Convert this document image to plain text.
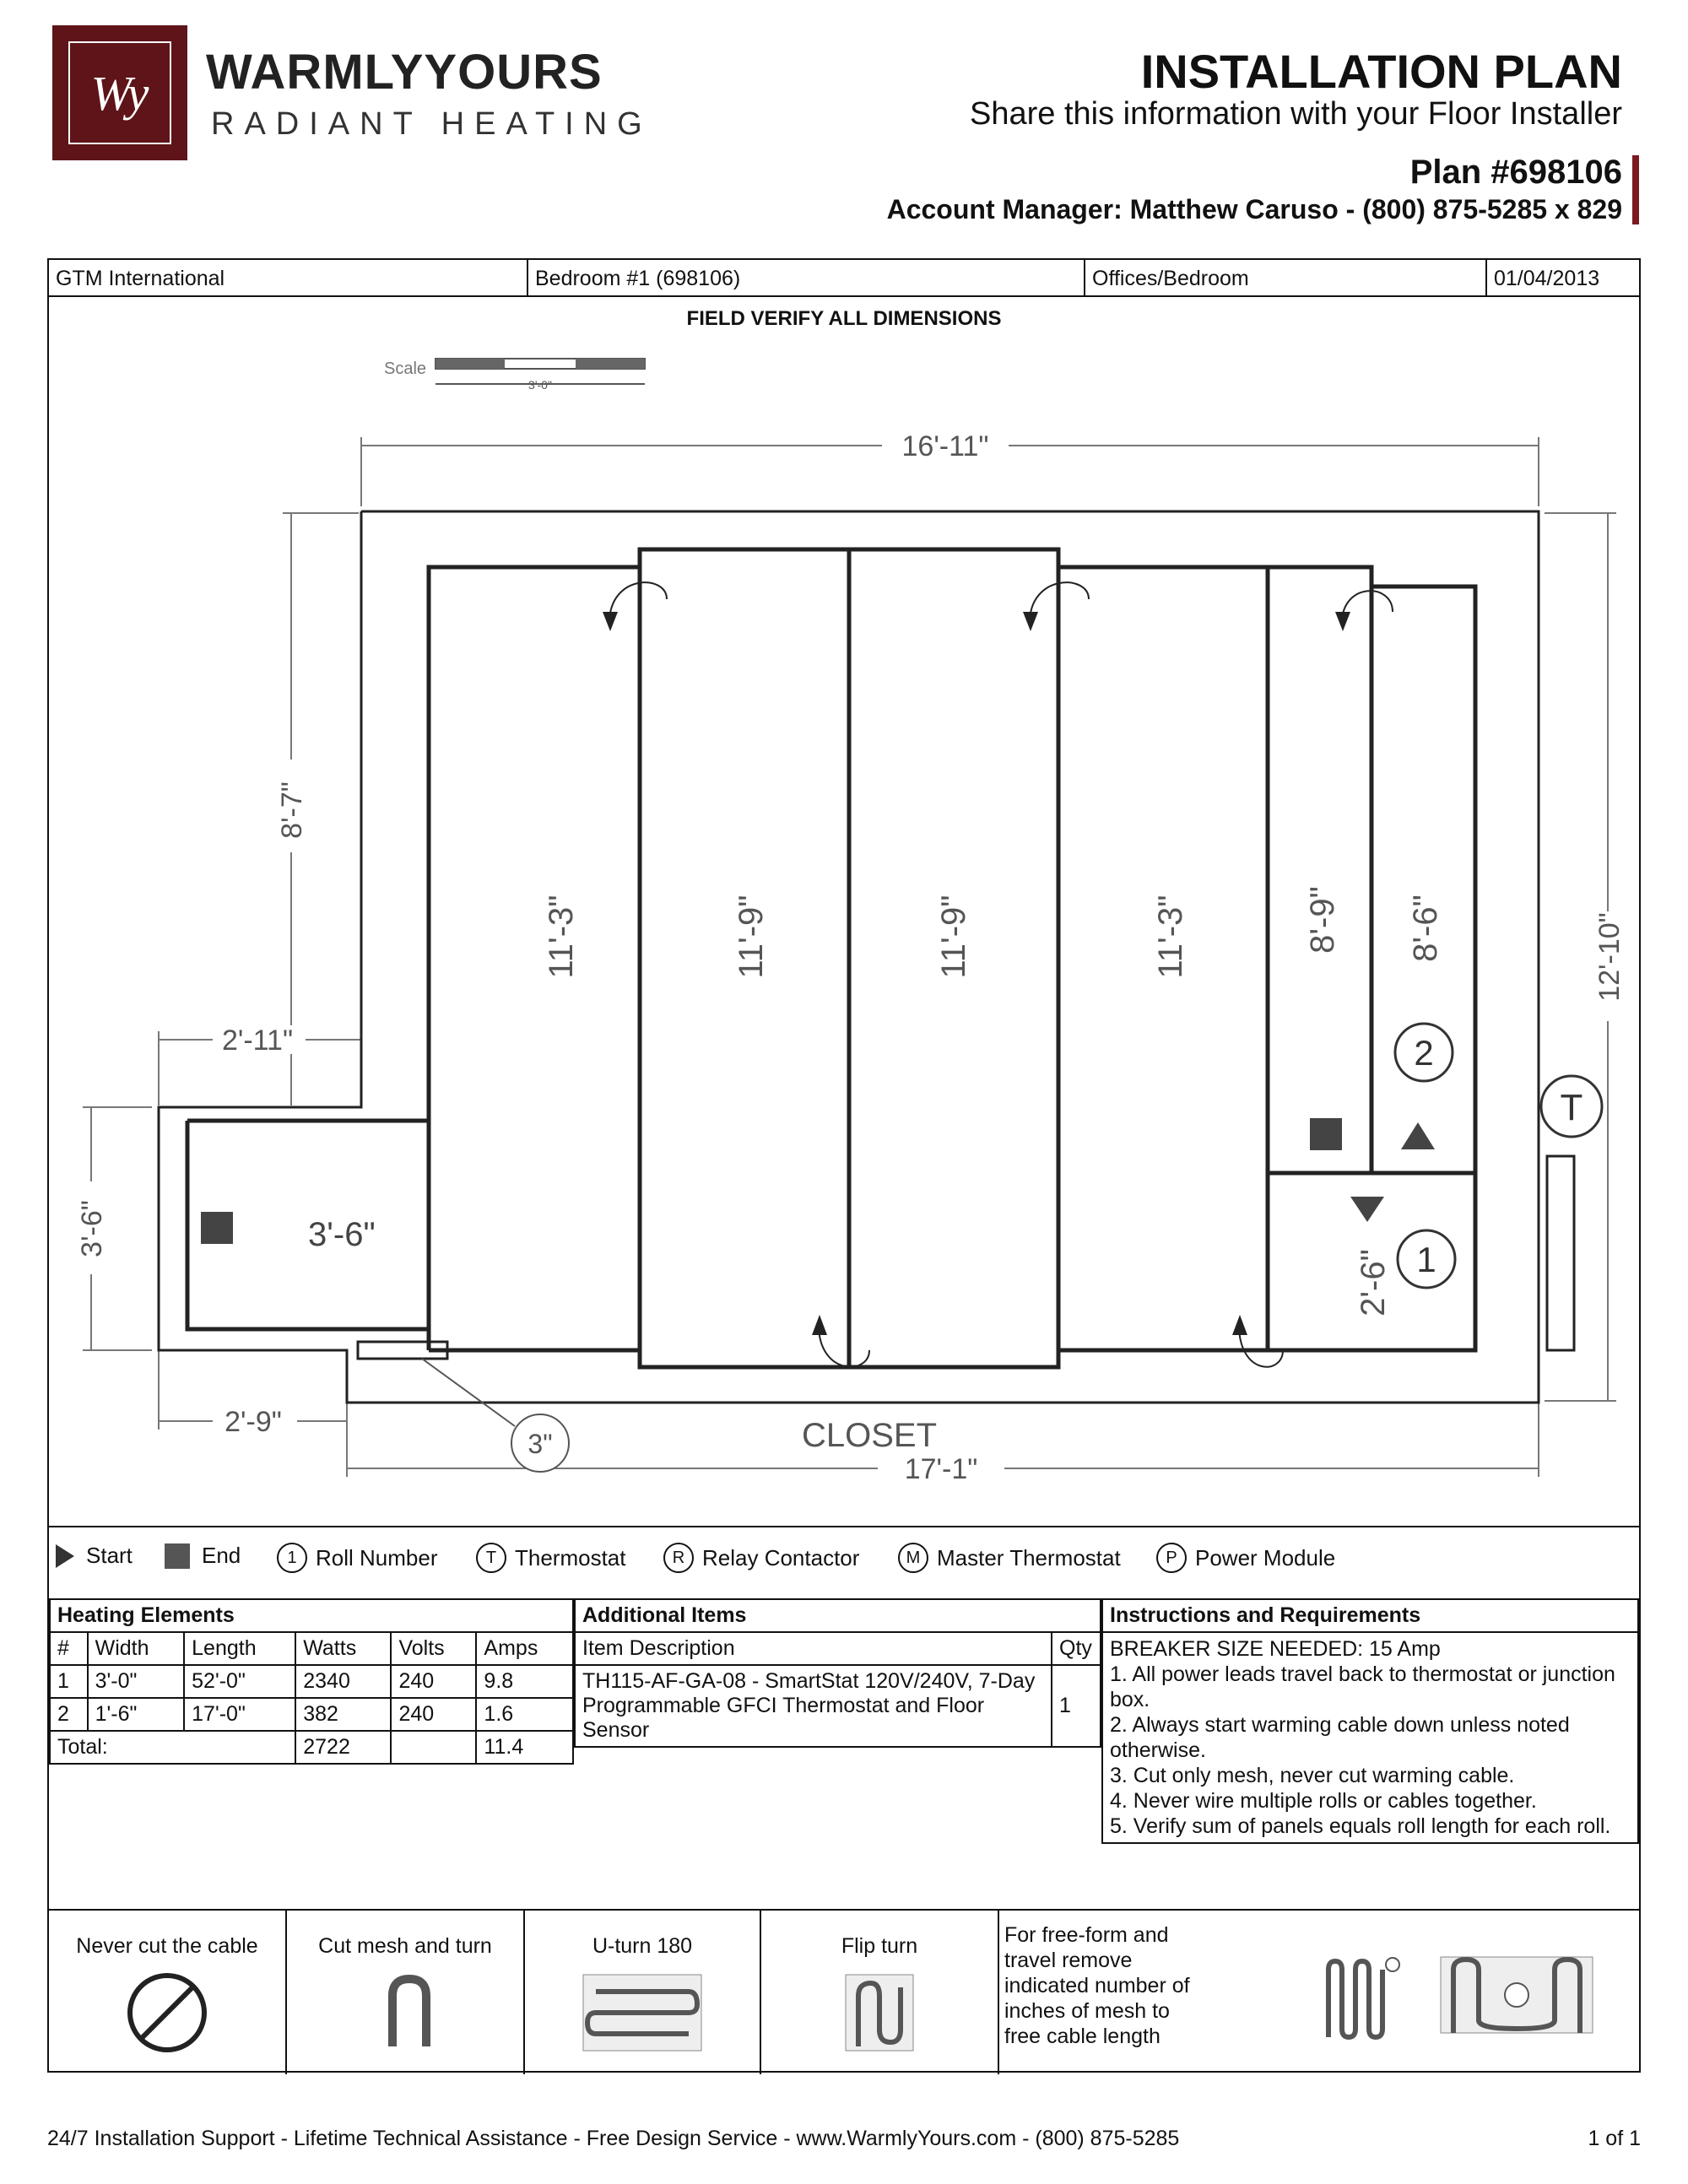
Wy	WARMLYYOURS
RADIANT HEATING
INSTALLATION PLAN
Share this information with your Floor Installer
Plan #698106
Account Manager: Matthew Caruso - (800) 875-5285 x 829
GTM International	Bedroom #1 (698106)	Offices/Bedroom	01/04/2013
FIELD VERIFY ALL DIMENSIONS
Scale
3'-0"
16'-11"
17'-1"
8'-7"
3'-6"
12'-10"
2'-11"
2'-9"
2
1
T
3"
3'-6"
CLOSET
11'-3"	11'-9"	11'-9"	11'-3"	8'-9" 8'-6"
2'-6"
Start	End	1 Roll Number	T Thermostat	R Relay Contactor	M Master Thermostat	P Power Module
Heating Elements					
#	Width	Length	Watts	Volts	Amps
1	3'-0"	52'-0"	2340	240	9.8
2	1'-6"	17'-0"	382	240	1.6
Total:			2722		11.4
Additional Items	
Item Description	Qty
TH115-AF-GA-08 - SmartStat 120V/240V, 7-Day Programmable GFCI Thermostat and Floor Sensor	1
Instructions and Requirements

BREAKER SIZE NEEDED: 15 Amp
1. All power leads travel back to thermostat or junction box.
2. Always start warming cable down unless noted otherwise.
3. Cut only mesh, never cut warming cable.
4. Never wire multiple rolls or cables together.
5. Verify sum of panels equals roll length for each roll.
Never cut the cable	Cut mesh and turn	U-turn 180	Flip turn	For free-form and travel remove indicated number of inches of mesh to free cable length
24/7 Installation Support - Lifetime Technical Assistance - Free Design Service - www.WarmlyYours.com - (800) 875-5285	1 of 1
